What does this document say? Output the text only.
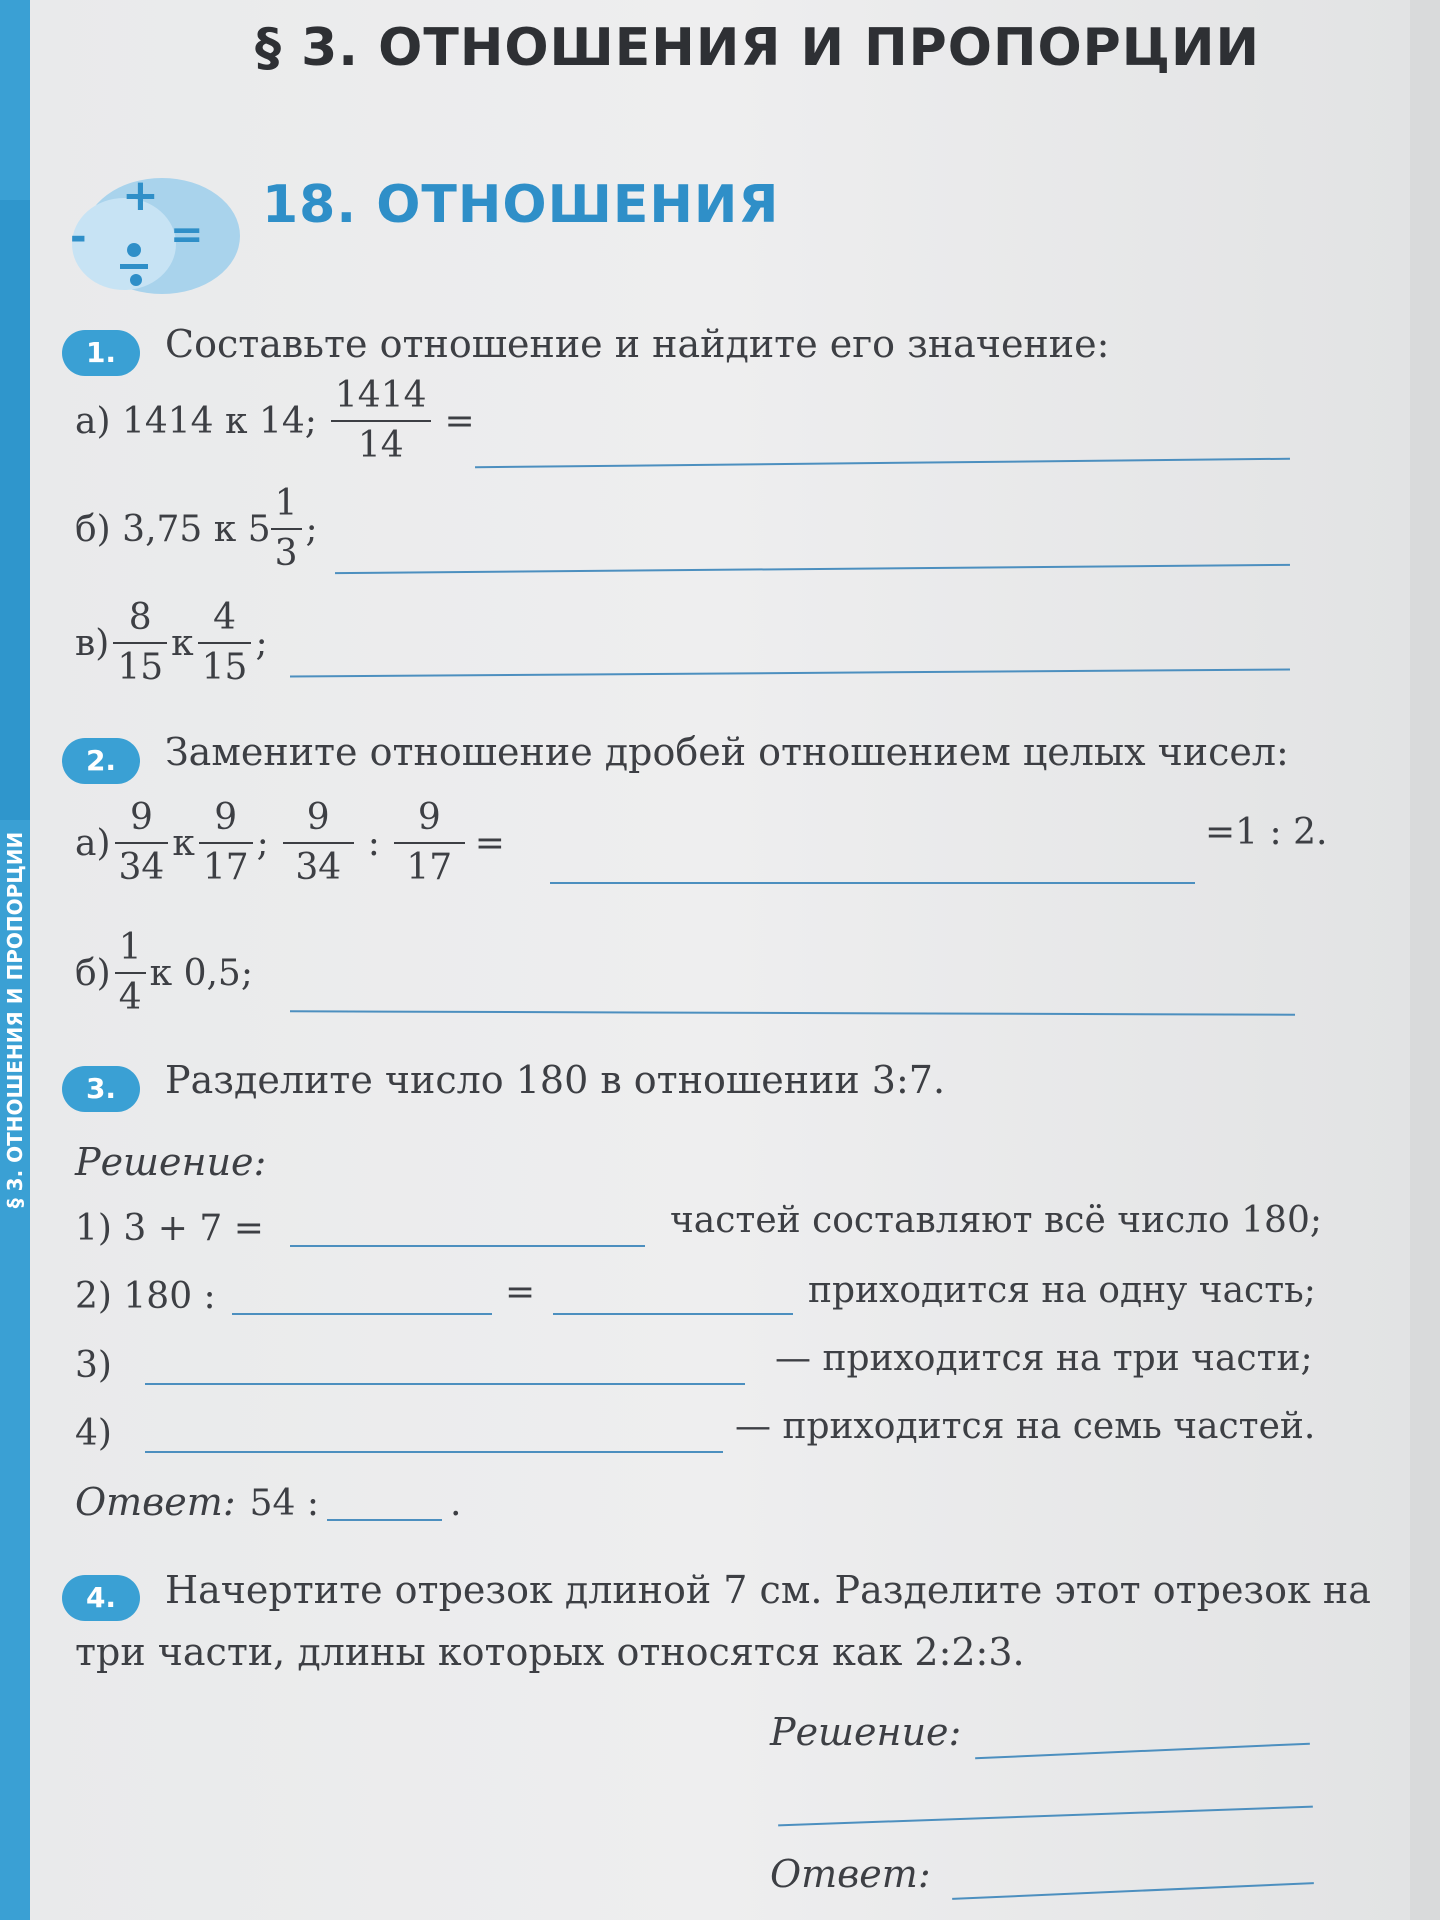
§ 3. ОТНОШЕНИЯ И ПРОПОРЦИИ
§ 3. ОТНОШЕНИЯ И ПРОПОРЦИИ
+
- = 18. ОТНОШЕНИЯ
1.	Составьте отношение и найдите его значение:
а) 1414 к 14; $\frac{1414}{14}$ =
б) 3,75 к $5 \frac{1}{3}$ ;
$в) \frac{8}{15}$ к $\frac{4}{15}$ ;
2.	Замените отношение дробей отношением целых чисел:
$а) \frac{9}{34}$ к $\frac{9}{17}$ ; $\frac{9}{34}$ : $\frac{9}{17}$ =	=1 : 2.
$б) \frac{1}{4}$ к 0,5;
3.	Разделите число 180 в отношении 3:7.
Решение:
1) 3 + 7 =	частей составляют всё число 180;
2) 180 :	=	приходится на одну часть;
3)	— приходится на три части;
4)	— приходится на семь частей.
Ответ: 54 :
	.
4.	Начертите отрезок длиной 7 см. Разделите этот отрезок на
три части, длины которых относятся как 2:2:3.
Решение:
Ответ:
